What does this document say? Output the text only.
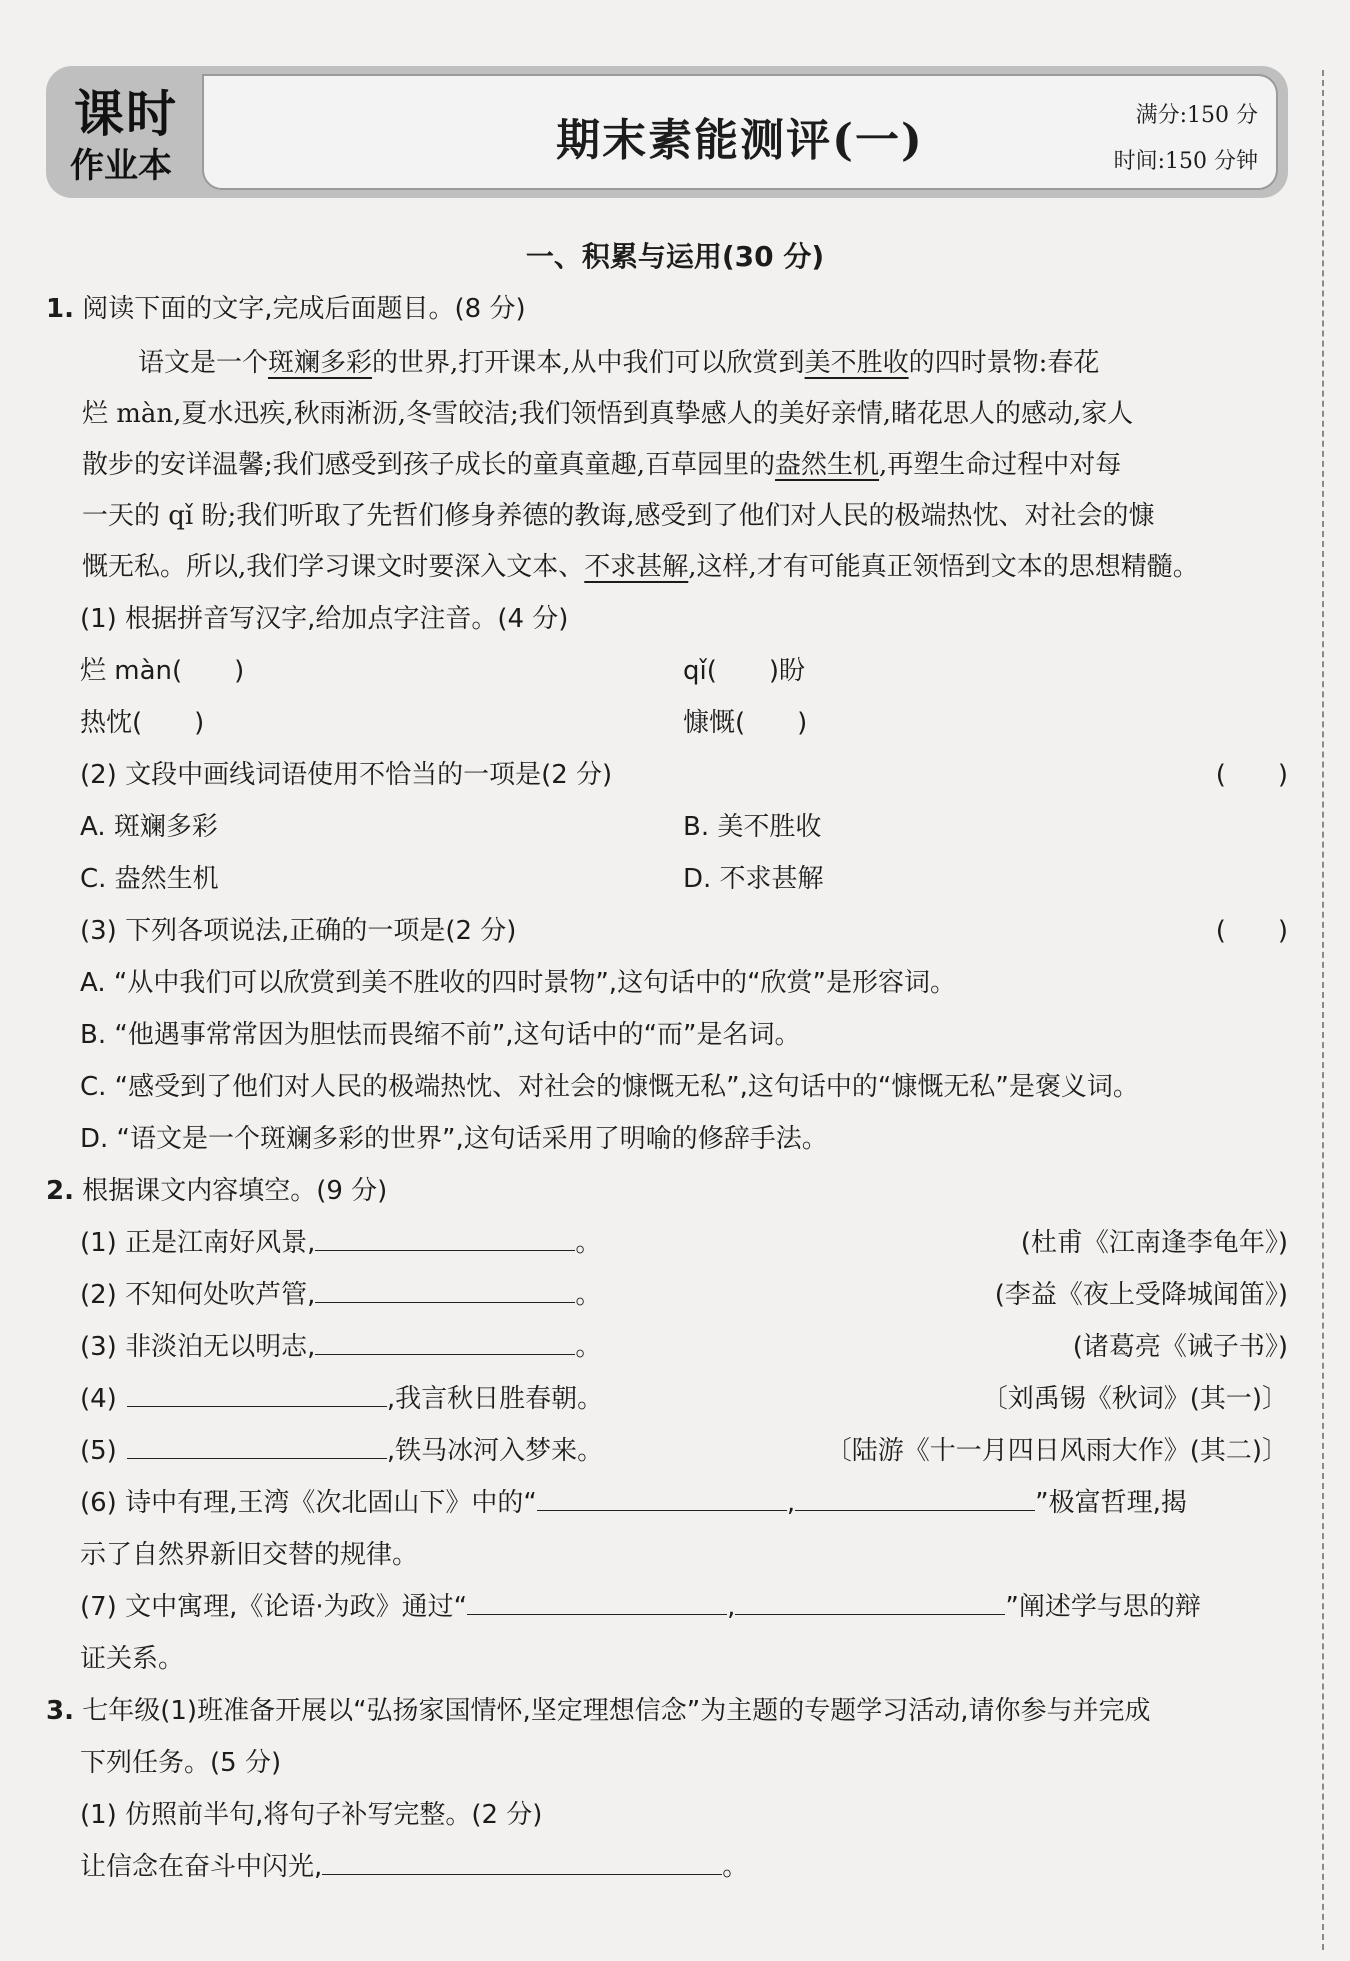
课时
作业本	期末素能测评(一)	满分:150 分
时间:150 分钟
一、积累与运用(30 分)
1. 阅读下面的文字,完成后面题目。(8 分)
语文是一个斑斓多彩的世界,打开课本,从中我们可以欣赏到美不胜收的四时景物:春花
烂 màn,夏水迅疾,秋雨淅沥,冬雪皎洁;我们领悟到真挚感人的美好亲情,睹花思人的感动,家人
散步的安详温馨;我们感受到孩子成长的童真童趣,百草园里的盎然生机,再塑生命过程中对每
一天的 qǐ 盼;我们听取了先哲们修身养德的教诲,感受到了他们对人民的极端热忱、对社会的慷
慨无私。所以,我们学习课文时要深入文本、不求甚解,这样,才有可能真正领悟到文本的思想精髓。
(1) 根据拼音写汉字,给加点字注音。(4 分)
烂 màn(　　)	qǐ(　　)盼
热忱(　　)	慷慨(　　)
(2) 文段中画线词语使用不恰当的一项是(2 分)	(　　)
A. 斑斓多彩	B. 美不胜收
C. 盎然生机	D. 不求甚解
(3) 下列各项说法,正确的一项是(2 分)	(　　)
A. “从中我们可以欣赏到美不胜收的四时景物”,这句话中的“欣赏”是形容词。
B. “他遇事常常因为胆怯而畏缩不前”,这句话中的“而”是名词。
C. “感受到了他们对人民的极端热忱、对社会的慷慨无私”,这句话中的“慷慨无私”是褒义词。
D. “语文是一个斑斓多彩的世界”,这句话采用了明喻的修辞手法。
2. 根据课文内容填空。(9 分)
(1) 正是江南好风景,	。	(杜甫《江南逢李龟年》)
(2) 不知何处吹芦管,	。	(李益《夜上受降城闻笛》)
(3) 非淡泊无以明志,	。	(诸葛亮《诫子书》)
(4)	,我言秋日胜春朝。	〔刘禹锡《秋词》(其一)〕
(5)	,铁马冰河入梦来。	〔陆游《十一月四日风雨大作》(其二)〕
(6) 诗中有理,王湾《次北固山下》中的“	,	”极富哲理,揭
示了自然界新旧交替的规律。
(7) 文中寓理,《论语·为政》通过“	,	”阐述学与思的辩
证关系。
3. 七年级(1)班准备开展以“弘扬家国情怀,坚定理想信念”为主题的专题学习活动,请你参与并完成
下列任务。(5 分)
(1) 仿照前半句,将句子补写完整。(2 分)
让信念在奋斗中闪光,	。
